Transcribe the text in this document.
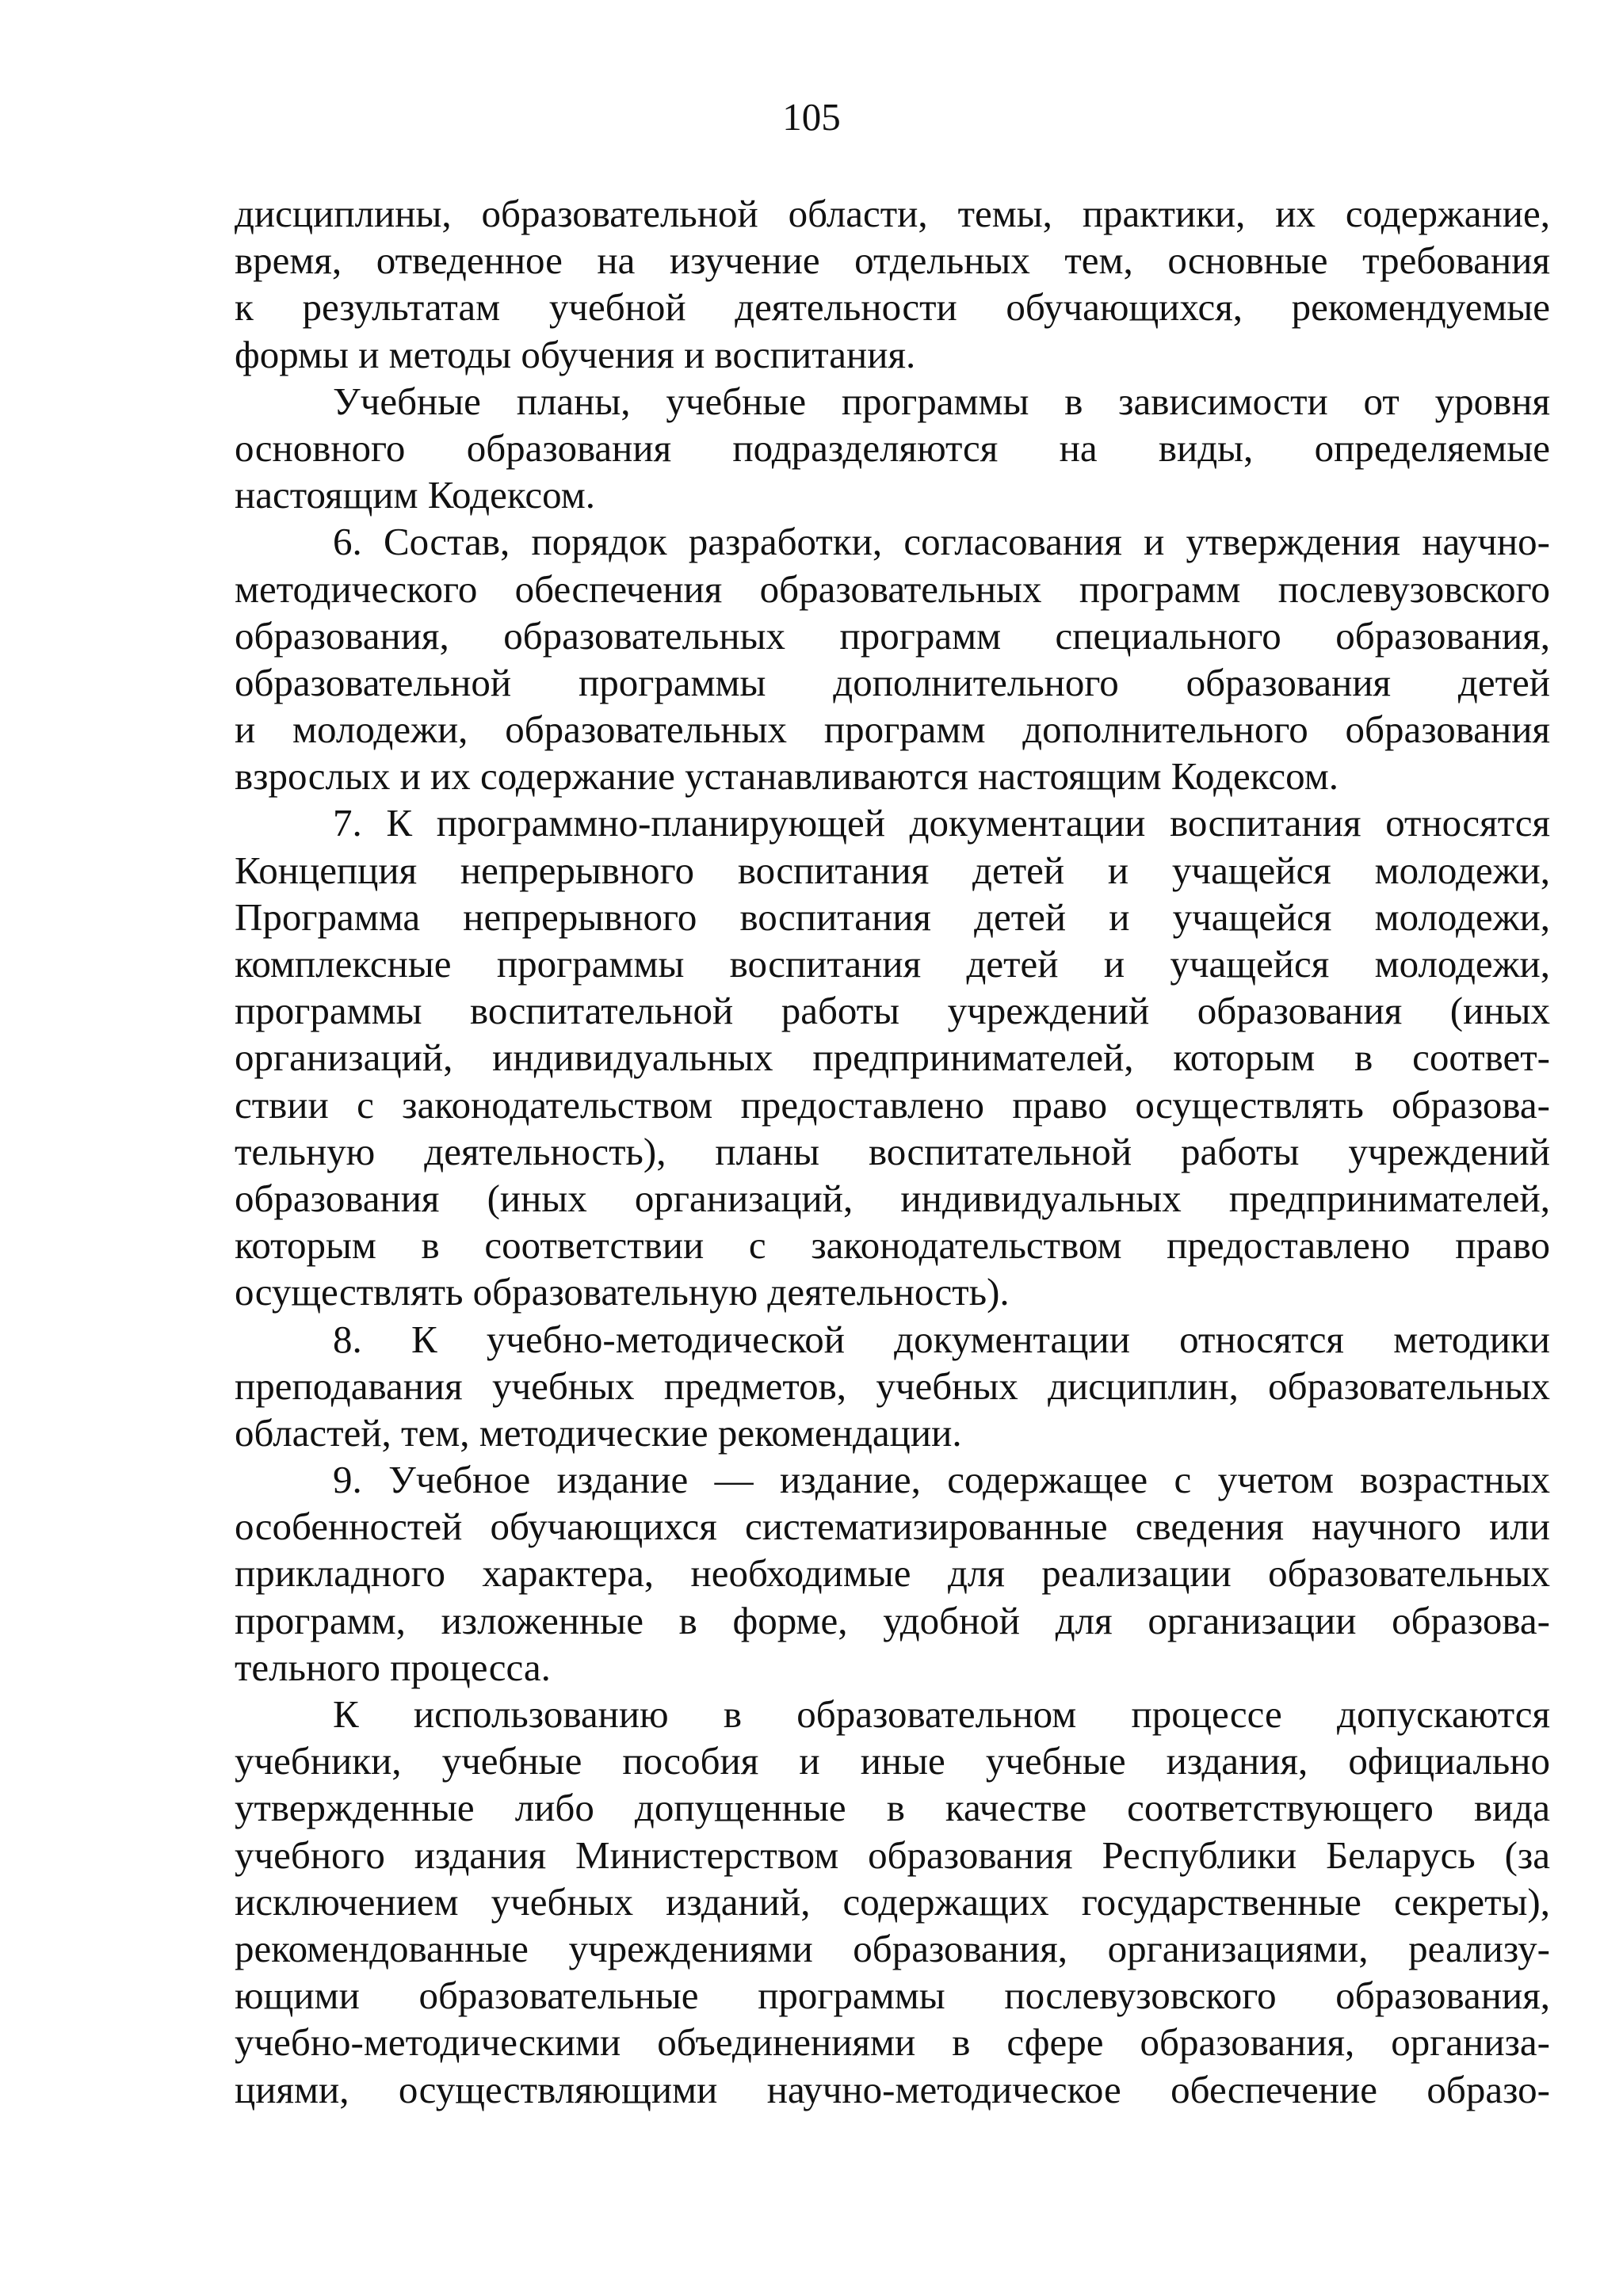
105
дисциплины, образовательной области, темы, практики, их содержание,
время, отведенное на изучение отдельных тем, основные требования
к результатам учебной деятельности обучающихся, рекомендуемые
формы и методы обучения и воспитания.
Учебные планы, учебные программы в зависимости от уровня
основного образования подразделяются на виды, определяемые
настоящим Кодексом.
6. Состав, порядок разработки, согласования и утверждения научно-
методического обеспечения образовательных программ послевузовского
образования, образовательных программ специального образования,
образовательной программы дополнительного образования детей
и молодежи, образовательных программ дополнительного образования
взрослых и их содержание устанавливаются настоящим Кодексом.
7. К программно-планирующей документации воспитания относятся
Концепция непрерывного воспитания детей и учащейся молодежи,
Программа непрерывного воспитания детей и учащейся молодежи,
комплексные программы воспитания детей и учащейся молодежи,
программы воспитательной работы учреждений образования (иных
организаций, индивидуальных предпринимателей, которым в соответ-
ствии с законодательством предоставлено право осуществлять образова-
тельную деятельность), планы воспитательной работы учреждений
образования (иных организаций, индивидуальных предпринимателей,
которым в соответствии с законодательством предоставлено право
осуществлять образовательную деятельность).
8. К учебно-методической документации относятся методики
преподавания учебных предметов, учебных дисциплин, образовательных
областей, тем, методические рекомендации.
9. Учебное издание — издание, содержащее с учетом возрастных
особенностей обучающихся систематизированные сведения научного или
прикладного характера, необходимые для реализации образовательных
программ, изложенные в форме, удобной для организации образова-
тельного процесса.
К использованию в образовательном процессе допускаются
учебники, учебные пособия и иные учебные издания, официально
утвержденные либо допущенные в качестве соответствующего вида
учебного издания Министерством образования Республики Беларусь (за
исключением учебных изданий, содержащих государственные секреты),
рекомендованные учреждениями образования, организациями, реализу-
ющими образовательные программы послевузовского образования,
учебно-методическими объединениями в сфере образования, организа-
циями, осуществляющими научно-методическое обеспечение образо-
